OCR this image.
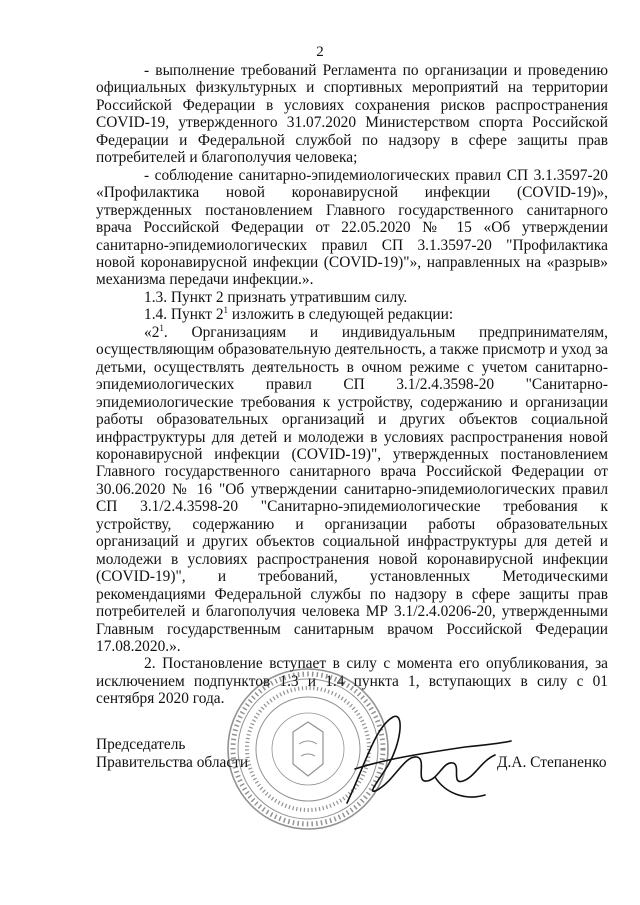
2

- выполнение требований Регламента по организации и проведению официальных физкультурных и спортивных мероприятий на территории Российской Федерации в условиях сохранения рисков распространения COVID-19, утвержденного 31.07.2020 Министерством спорта Российской Федерации и Федеральной службой по надзору в сфере защиты прав потребителей и благополучия человека;

- соблюдение санитарно-эпидемиологических правил СП 3.1.3597-20 «Профилактика новой коронавирусной инфекции (COVID-19)», утвержденных постановлением Главного государственного санитарного врача Российской Федерации от 22.05.2020 № 15 «Об утверждении санитарно-эпидемиологических правил СП 3.1.3597-20 "Профилактика новой коронавирусной инфекции (COVID-19)"», направленных на «разрыв» механизма передачи инфекции.».

1.3. Пункт 2 признать утратившим силу.

1.4. Пункт $2^1$ изложить в следующей редакции:

«$2^1$. Организациям и индивидуальным предпринимателям, осуществляющим образовательную деятельность, а также присмотр и уход за детьми, осуществлять деятельность в очном режиме с учетом санитарно-эпидемиологических правил СП 3.1/2.4.3598-20 "Санитарно-эпидемиологические требования к устройству, содержанию и организации работы образовательных организаций и других объектов социальной инфраструктуры для детей и молодежи в условиях распространения новой коронавирусной инфекции (COVID-19)", утвержденных постановлением Главного государственного санитарного врача Российской Федерации от 30.06.2020 № 16 "Об утверждении санитарно-эпидемиологических правил СП 3.1/2.4.3598-20 "Санитарно-эпидемиологические требования к устройству, содержанию и организации работы образовательных организаций и других объектов социальной инфраструктуры для детей и молодежи в условиях распространения новой коронавирусной инфекции (COVID-19)", и требований, установленных Методическими рекомендациями Федеральной службы по надзору в сфере защиты прав потребителей и благополучия человека МР 3.1/2.4.0206-20, утвержденными Главным государственным санитарным врачом Российской Федерации 17.08.2020.».

2. Постановление вступает в силу с момента его опубликования, за исключением подпунктов 1.3 и 1.4 пункта 1, вступающих в силу с 01 сентября 2020 года.

Председатель
Правительства области	Д.А. Степаненко
